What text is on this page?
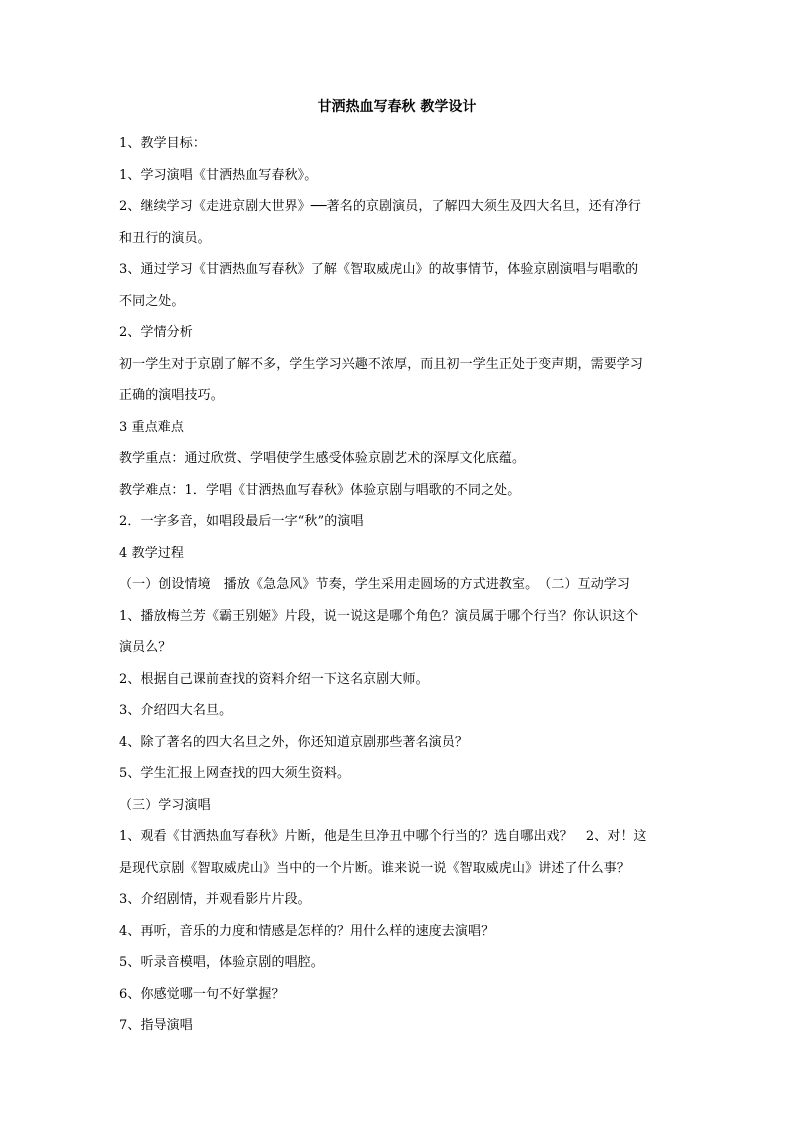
甘洒热血写春秋 教学设计
1、教学目标：
1、学习演唱《甘洒热血写春秋》。
2、继续学习《走进京剧大世界》──著名的京剧演员，了解四大须生及四大名旦，还有净行
和丑行的演员。
3、通过学习《甘洒热血写春秋》了解《智取威虎山》的故事情节，体验京剧演唱与唱歌的
不同之处。
2、学情分析
初一学生对于京剧了解不多，学生学习兴趣不浓厚，而且初一学生正处于变声期，需要学习
正确的演唱技巧。
3 重点难点
教学重点：通过欣赏、学唱使学生感受体验京剧艺术的深厚文化底蕴。
教学难点：1．学唱《甘洒热血写春秋》体验京剧与唱歌的不同之处。
2．一字多音，如唱段最后一字“秋”的演唱
4 教学过程
（一）创设情境　播放《急急风》节奏，学生采用走圆场的方式进教室。　（二）互动学习
1、播放梅兰芳《霸王别姬》片段，说一说这是哪个角色？演员属于哪个行当？你认识这个
演员么？
2、根据自己课前查找的资料介绍一下这名京剧大师。
3、介绍四大名旦。
4、除了著名的四大名旦之外，你还知道京剧那些著名演员？
5、学生汇报上网查找的四大须生资料。
（三）学习演唱
1、观看《甘洒热血写春秋》片断，他是生旦净丑中哪个行当的？选自哪出戏？　2、对！这
是现代京剧《智取威虎山》当中的一个片断。谁来说一说《智取威虎山》讲述了什么事？
3、介绍剧情，并观看影片片段。
4、再听，音乐的力度和情感是怎样的？用什么样的速度去演唱？
5、听录音模唱，体验京剧的唱腔。
6、你感觉哪一句不好掌握？
7、指导演唱
